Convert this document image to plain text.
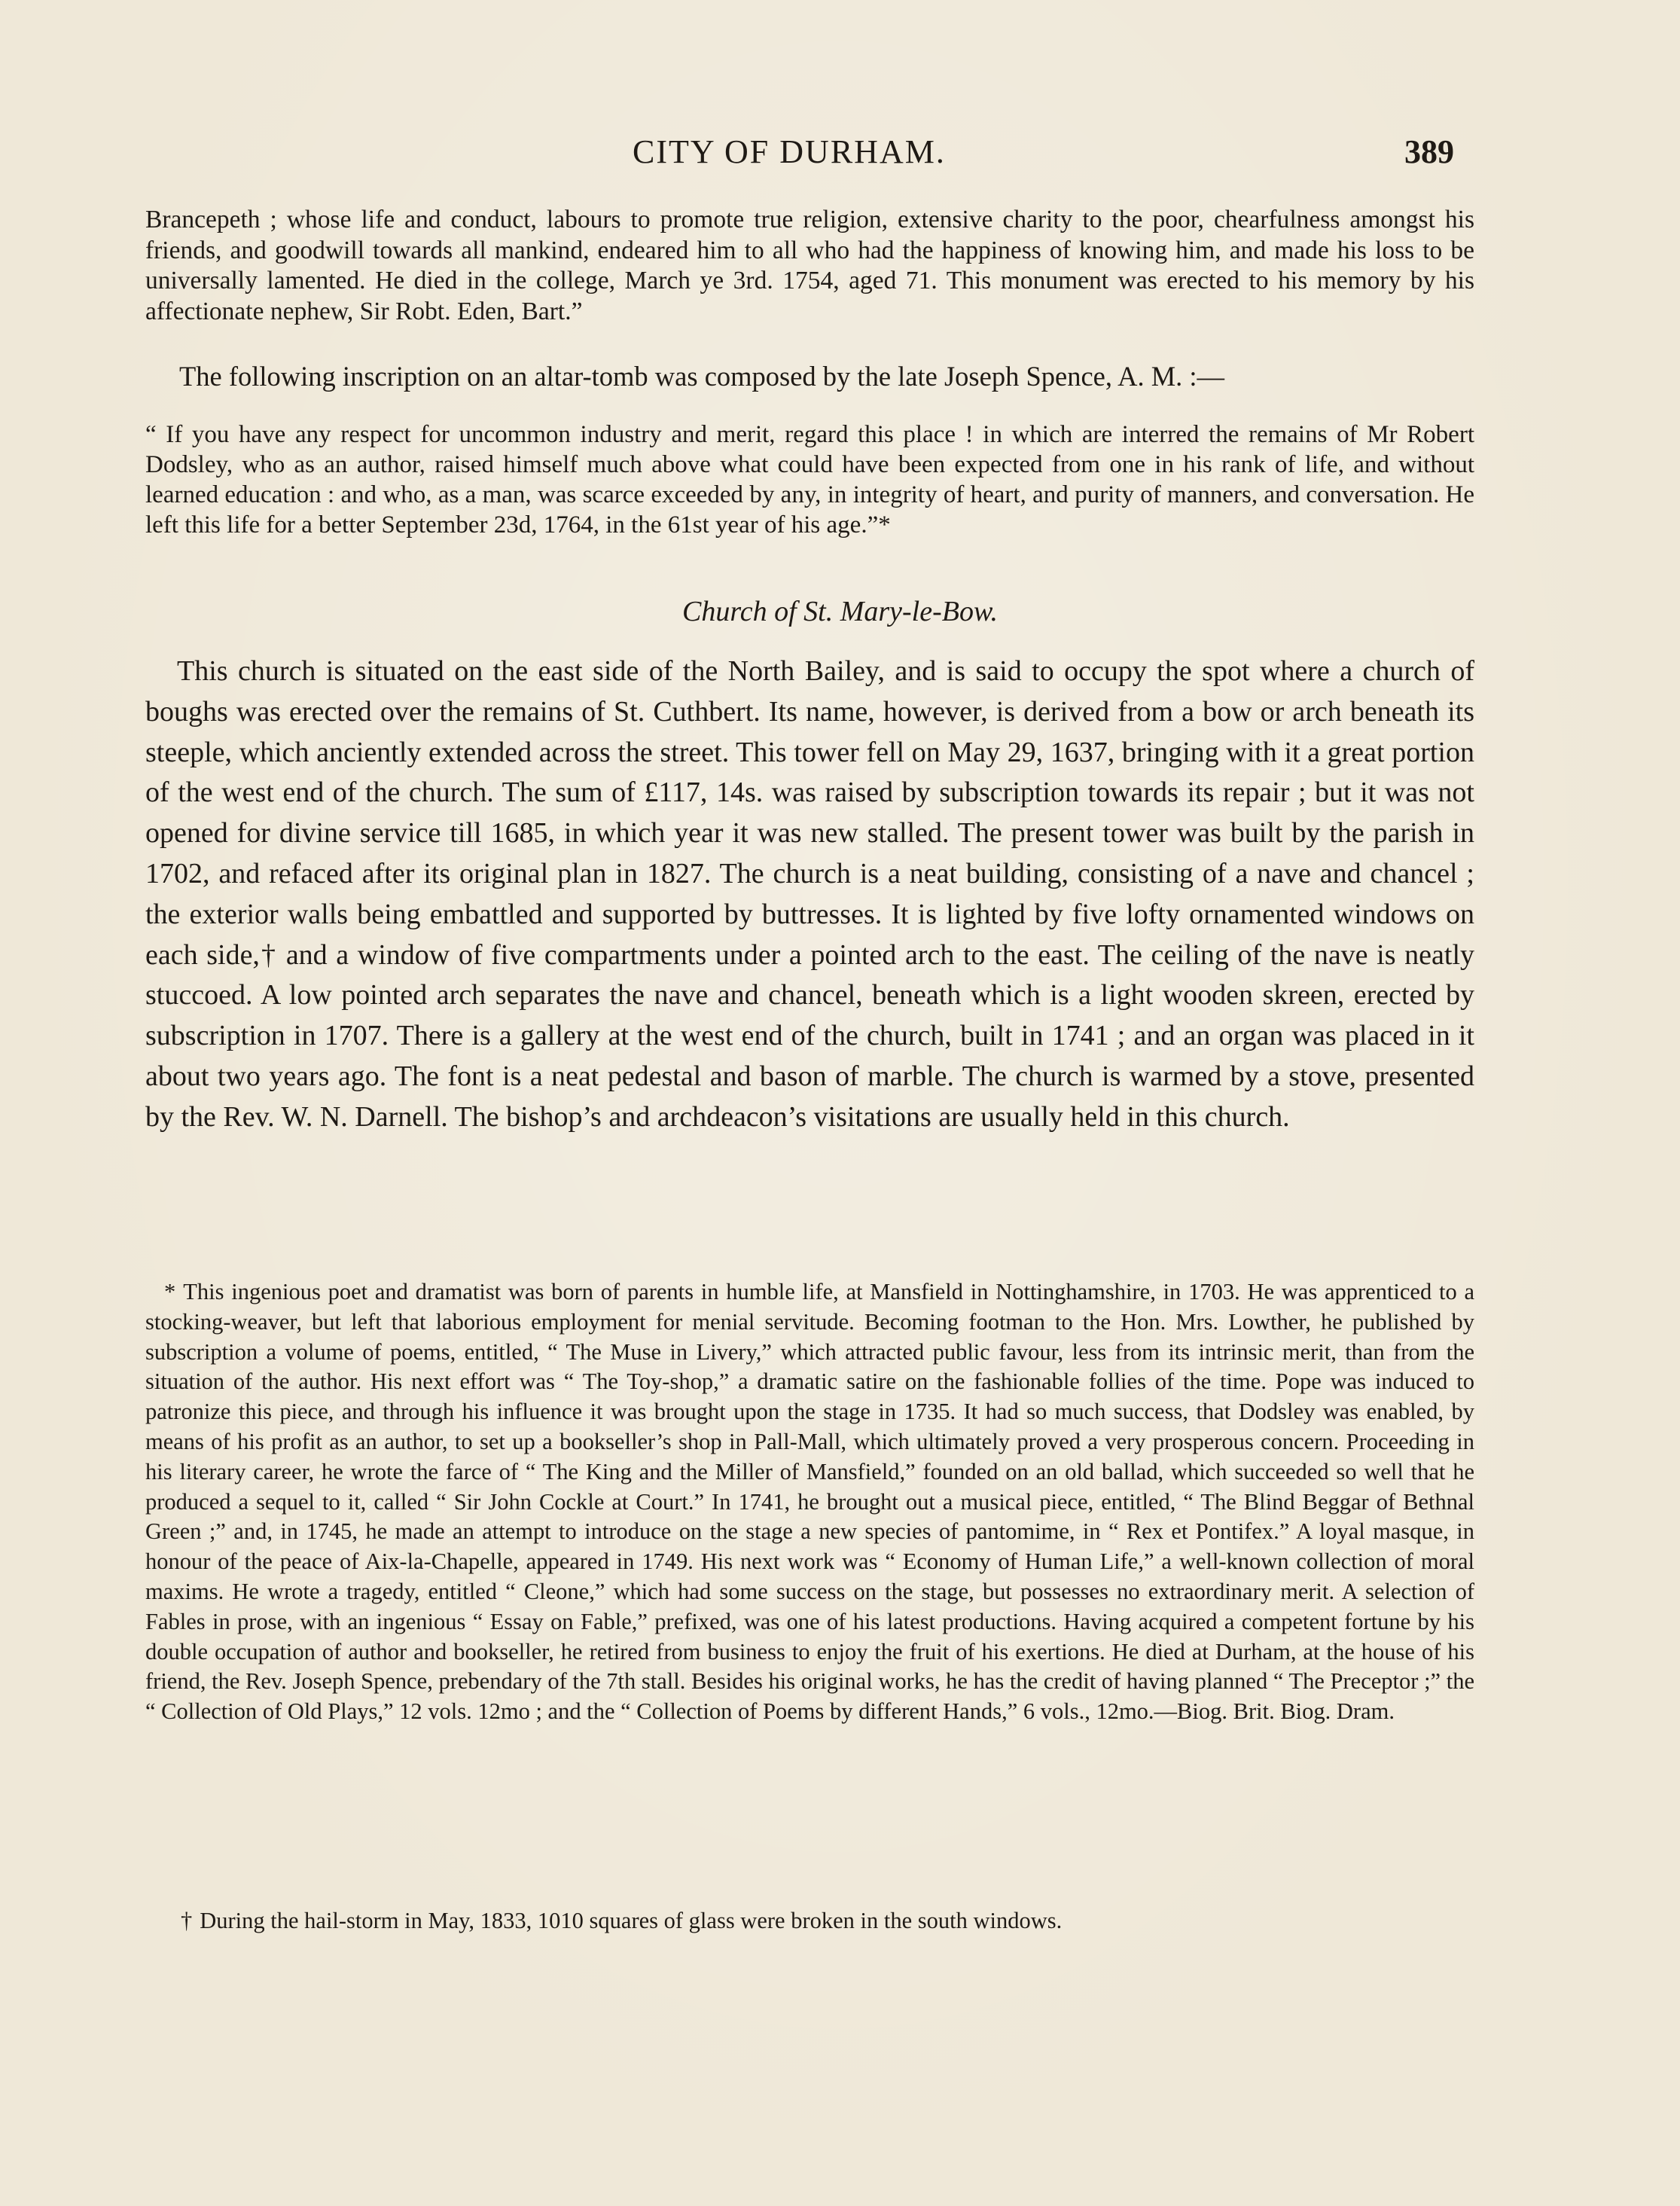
CITY OF DURHAM.	389
Brancepeth ; whose life and conduct, labours to promote true religion, extensive charity to the poor, chearfulness amongst his friends, and goodwill towards all mankind, endeared him to all who had the happiness of knowing him, and made his loss to be universally lamented. He died in the college, March ye 3rd. 1754, aged 71. This monument was erected to his memory by his affectionate nephew, Sir Robt. Eden, Bart.”
The following inscription on an altar-tomb was composed by the late Joseph Spence, A. M. :—
“ If you have any respect for uncommon industry and merit, regard this place ! in which are interred the remains of Mr Robert Dodsley, who as an author, raised himself much above what could have been expected from one in his rank of life, and without learned education : and who, as a man, was scarce exceeded by any, in integrity of heart, and purity of manners, and conversation. He left this life for a better September 23d, 1764, in the 61st year of his age.”*
Church of St. Mary-le-Bow.
This church is situated on the east side of the North Bailey, and is said to occupy the spot where a church of boughs was erected over the remains of St. Cuthbert. Its name, however, is derived from a bow or arch beneath its steeple, which anciently extended across the street. This tower fell on May 29, 1637, bringing with it a great portion of the west end of the church. The sum of £117, 14s. was raised by subscription towards its repair ; but it was not opened for divine service till 1685, in which year it was new stalled. The present tower was built by the parish in 1702, and refaced after its original plan in 1827. The church is a neat building, consisting of a nave and chancel ; the exterior walls being embattled and supported by buttresses. It is lighted by five lofty ornamented windows on each side,† and a window of five compartments under a pointed arch to the east. The ceiling of the nave is neatly stuccoed. A low pointed arch separates the nave and chancel, beneath which is a light wooden skreen, erected by subscription in 1707. There is a gallery at the west end of the church, built in 1741 ; and an organ was placed in it about two years ago. The font is a neat pedestal and bason of marble. The church is warmed by a stove, presented by the Rev. W. N. Darnell. The bishop’s and archdeacon’s visitations are usually held in this church.
* This ingenious poet and dramatist was born of parents in humble life, at Mansfield in Nottinghamshire, in 1703. He was apprenticed to a stocking-weaver, but left that laborious employment for menial servitude. Becoming footman to the Hon. Mrs. Lowther, he published by subscription a volume of poems, entitled, “ The Muse in Livery,” which attracted public favour, less from its intrinsic merit, than from the situation of the author. His next effort was “ The Toy-shop,” a dramatic satire on the fashionable follies of the time. Pope was induced to patronize this piece, and through his influence it was brought upon the stage in 1735. It had so much success, that Dodsley was enabled, by means of his profit as an author, to set up a bookseller’s shop in Pall-Mall, which ultimately proved a very prosperous concern. Proceeding in his literary career, he wrote the farce of “ The King and the Miller of Mansfield,” founded on an old ballad, which succeeded so well that he produced a sequel to it, called “ Sir John Cockle at Court.” In 1741, he brought out a musical piece, entitled, “ The Blind Beggar of Bethnal Green ;” and, in 1745, he made an attempt to introduce on the stage a new species of pantomime, in “ Rex et Pontifex.” A loyal masque, in honour of the peace of Aix-la-Chapelle, appeared in 1749. His next work was “ Economy of Human Life,” a well-known collection of moral maxims. He wrote a tragedy, entitled “ Cleone,” which had some success on the stage, but possesses no extraordinary merit. A selection of Fables in prose, with an ingenious “ Essay on Fable,” prefixed, was one of his latest productions. Having acquired a competent fortune by his double occupation of author and bookseller, he retired from business to enjoy the fruit of his exertions. He died at Durham, at the house of his friend, the Rev. Joseph Spence, prebendary of the 7th stall. Besides his original works, he has the credit of having planned “ The Preceptor ;” the “ Collection of Old Plays,” 12 vols. 12mo ; and the “ Collection of Poems by different Hands,” 6 vols., 12mo.—Biog. Brit. Biog. Dram.
† During the hail-storm in May, 1833, 1010 squares of glass were broken in the south windows.
